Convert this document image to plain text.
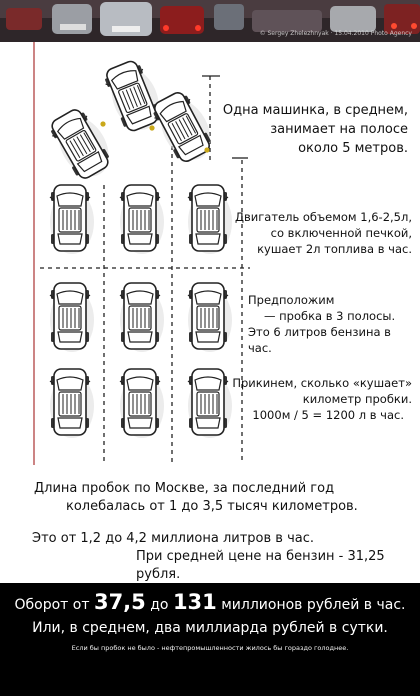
© Sergey Zhelezhnyak · 15.04.2010 Photo Agency
Одна машинка, в среднем,
занимает на полосе
около 5 метров.
Двигатель объемом 1,6-2,5л,
со включенной печкой,
кушает 2л топлива в час.
Предположим
— пробка в 3 полосы.
Это 6 литров бензина в час.
Прикинем, сколько «кушает»
километр пробки.
1000м / 5 = 1200 л в час.
Длина пробок по Москве, за последний год
колебалась от 1 до 3,5 тысяч километров.
Это от 1,2 до 4,2 миллиона литров в час.
При средней цене на бензин - 31,25 рубля.
Оборот от 37,5 до 131 миллионов рублей в час.
Или, в среднем, два миллиарда рублей в сутки.
Если бы пробок не было - нефтепромышленности жилось бы гораздо голоднее.
